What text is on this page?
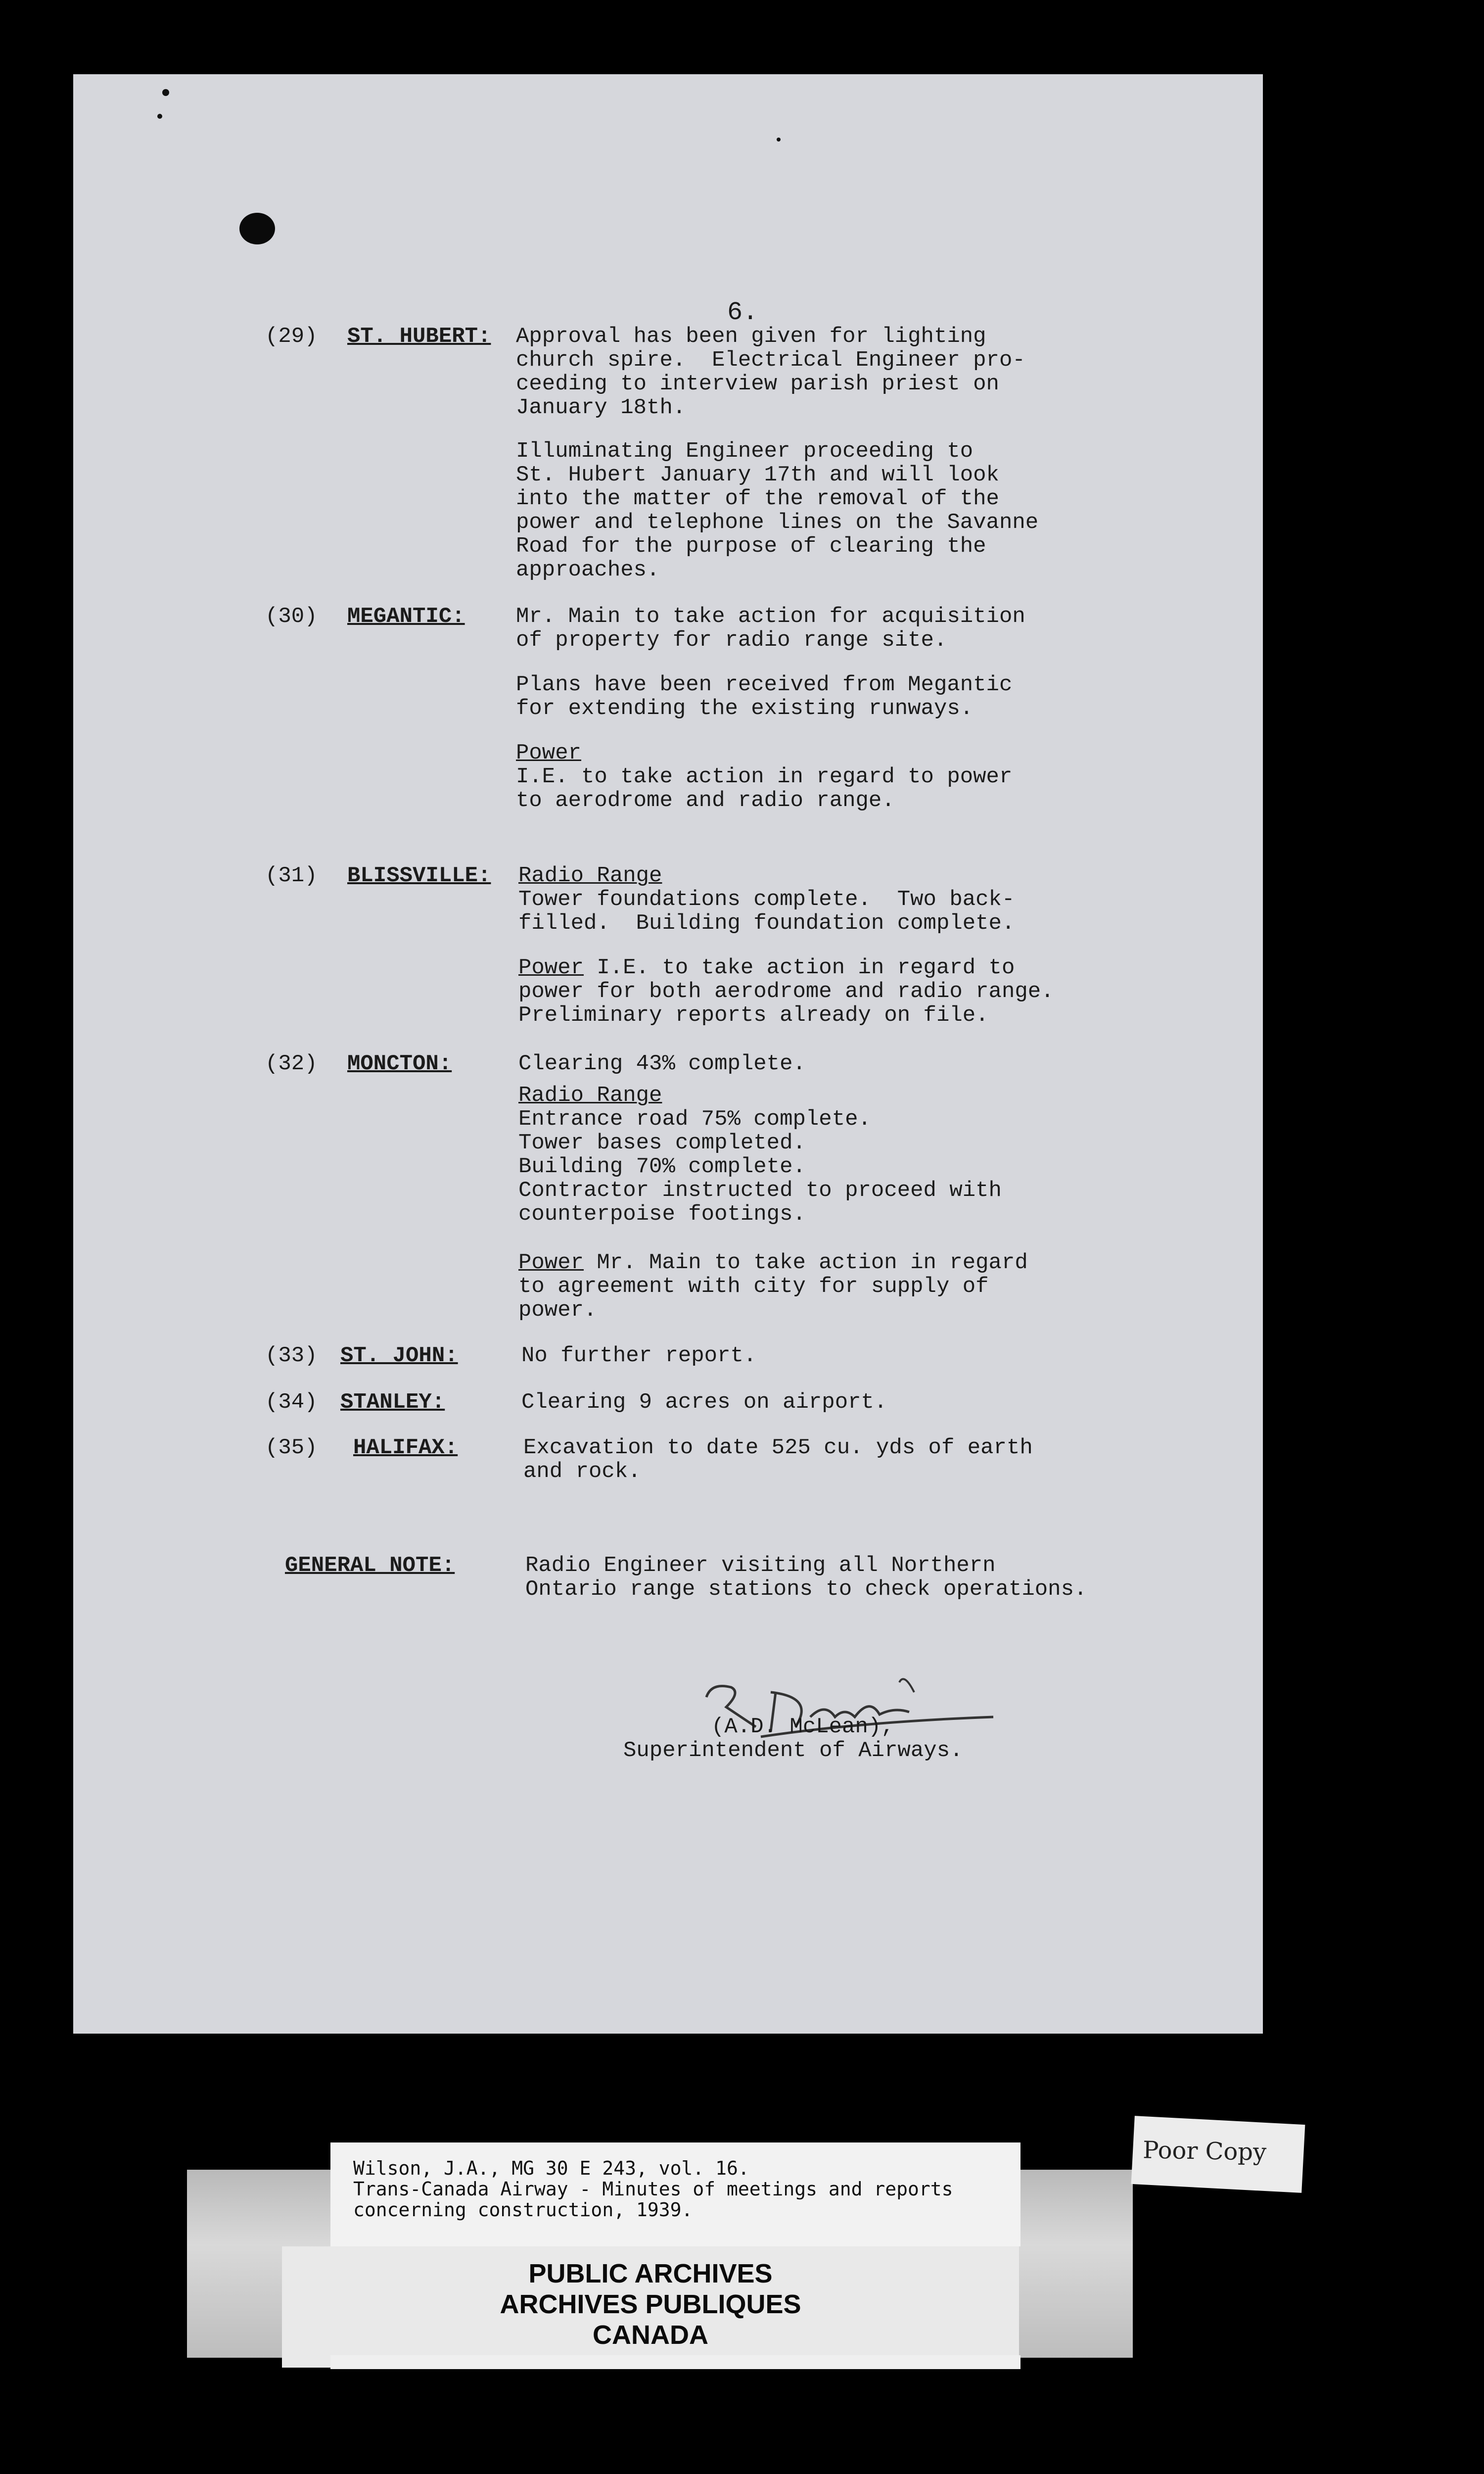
6.
(29) ST. HUBERT: Approval has been given for lighting
church spire.  Electrical Engineer pro-
ceeding to interview parish priest on
January 18th.
Illuminating Engineer proceeding to
St. Hubert January 17th and will look
into the matter of the removal of the
power and telephone lines on the Savanne
Road for the purpose of clearing the
approaches.
(30) MEGANTIC: Mr. Main to take action for acquisition
of property for radio range site.
Plans have been received from Megantic
for extending the existing runways.
Power
I.E. to take action in regard to power
to aerodrome and radio range.
(31) BLISSVILLE: Radio Range
Tower foundations complete.  Two back-
filled.  Building foundation complete.
Power I.E. to take action in regard to
power for both aerodrome and radio range.
Preliminary reports already on file.
(32) MONCTON:	Clearing 43% complete.
Radio Range
Entrance road 75% complete.
Tower bases completed.
Building 70% complete.
Contractor instructed to proceed with
counterpoise footings.
Power Mr. Main to take action in regard
to agreement with city for supply of
power.
(33) ST. JOHN:	No further report.
(34) STANLEY:	Clearing 9 acres on airport.
(35) HALIFAX:	Excavation to date 525 cu. yds of earth
and rock.
GENERAL NOTE:	Radio Engineer visiting all Northern
Ontario range stations to check operations.
(A.D. McLean),
Superintendent of Airways.
Wilson, J.A., MG 30 E 243, vol. 16.
Trans-Canada Airway - Minutes of meetings and reports
concerning construction, 1939.
PUBLIC ARCHIVES
ARCHIVES PUBLIQUES
CANADA
Poor Copy
